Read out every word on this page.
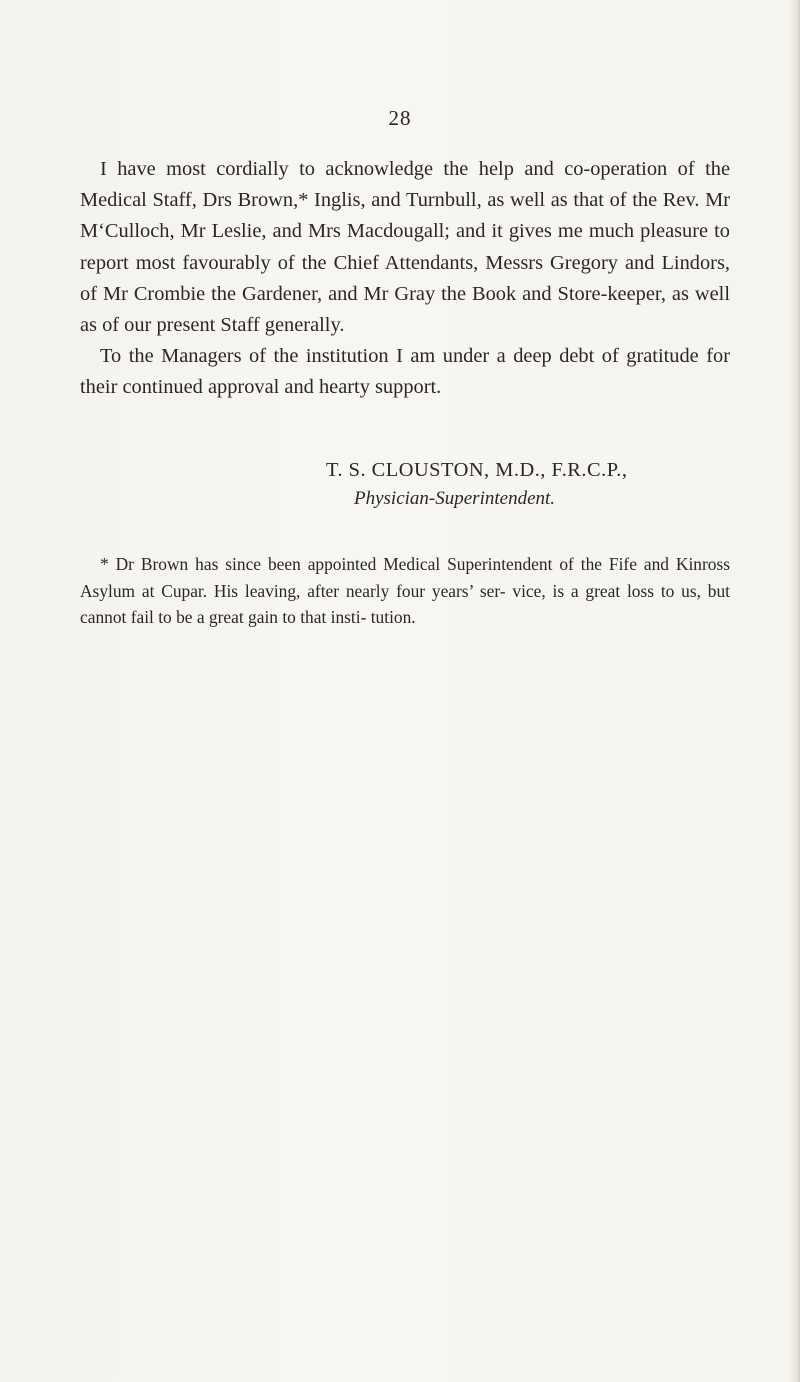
28

I have most cordially to acknowledge the help and co-operation of the Medical Staff, Drs Brown,* Inglis, and Turnbull, as well as that of the Rev. Mr M‘Culloch, Mr Leslie, and Mrs Macdougall; and it gives me much pleasure to report most favourably of the Chief Attendants, Messrs Gregory and Lindors, of Mr Crombie the Gardener, and Mr Gray the Book and Store-keeper, as well as of our present Staff generally.

To the Managers of the institution I am under a deep debt of gratitude for their continued approval and hearty support.

T. S. CLOUSTON, M.D., F.R.C.P.,
Physician-Superintendent.

* Dr Brown has since been appointed Medical Superintendent of the Fife and Kinross Asylum at Cupar. His leaving, after nearly four years’ ser- vice, is a great loss to us, but cannot fail to be a great gain to that insti- tution.
